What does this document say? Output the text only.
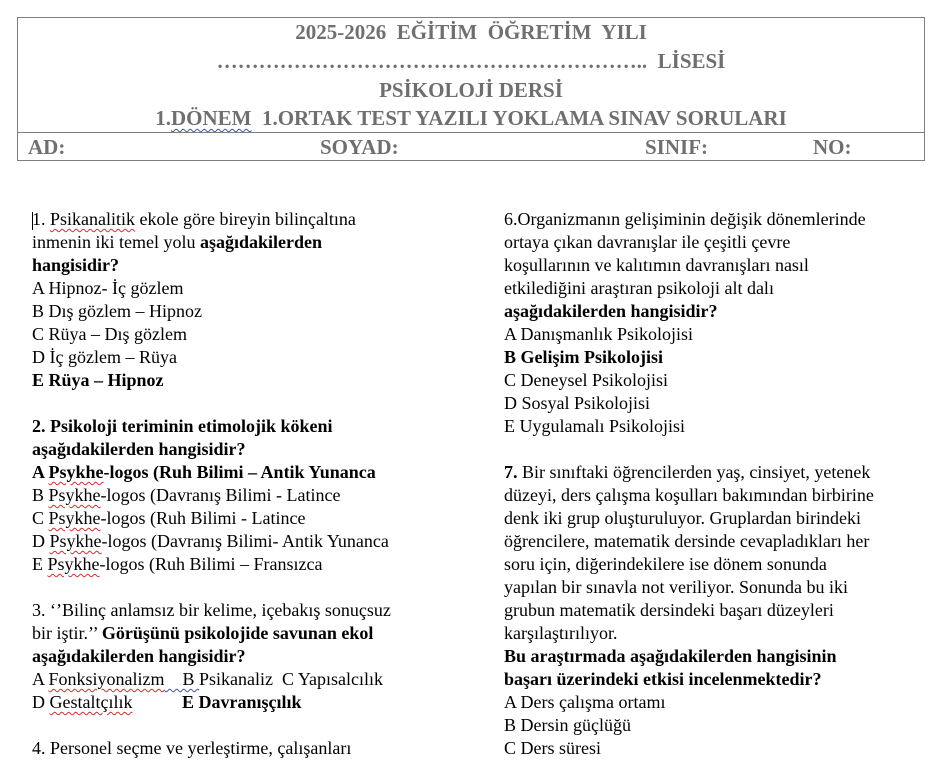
2025-2026  EĞİTİM  ÖĞRETİM  YILI
……………………………………………………..  LİSESİ
PSİKOLOJİ DERSİ
1.DÖNEM  1.ORTAK TEST YAZILI YOKLAMA SINAV SORULARI
AD:	SOYAD:	SINIF:	NO:
1. Psikanalitik ekole göre bireyin bilinçaltına
inmenin iki temel yolu aşağıdakilerden
hangisidir?
A Hipnoz- İç gözlem
B Dış gözlem – Hipnoz
C Rüya – Dış gözlem
D İç gözlem – Rüya
E Rüya – Hipnoz
2. Psikoloji teriminin etimolojik kökeni
aşağıdakilerden hangisidir?
A Psykhe-logos (Ruh Bilimi – Antik Yunanca
B Psykhe-logos (Davranış Bilimi - Latince
C Psykhe-logos (Ruh Bilimi - Latince
D Psykhe-logos (Davranış Bilimi- Antik Yunanca
E Psykhe-logos (Ruh Bilimi – Fransızca
3. ‘’Bilinç anlamsız bir kelime, içebakış sonuçsuz
bir iştir.’’ Görüşünü psikolojide savunan ekol
aşağıdakilerden hangisidir?
A Fonksiyonalizm    B Psikanaliz  C Yapısalcılık
D Gestaltçılık	E Davranışçılık
4. Personel seçme ve yerleştirme, çalışanları
6.Organizmanın gelişiminin değişik dönemlerinde
ortaya çıkan davranışlar ile çeşitli çevre
koşullarının ve kalıtımın davranışları nasıl
etkilediğini araştıran psikoloji alt dalı
aşağıdakilerden hangisidir?
A Danışmanlık Psikolojisi
B Gelişim Psikolojisi
C Deneysel Psikolojisi
D Sosyal Psikolojisi
E Uygulamalı Psikolojisi
7. Bir sınıftaki öğrencilerden yaş, cinsiyet, yetenek
düzeyi, ders çalışma koşulları bakımından birbirine
denk iki grup oluşturuluyor. Gruplardan birindeki
öğrencilere, matematik dersinde cevapladıkları her
soru için, diğerindekilere ise dönem sonunda
yapılan bir sınavla not veriliyor. Sonunda bu iki
grubun matematik dersindeki başarı düzeyleri
karşılaştırılıyor.
Bu araştırmada aşağıdakilerden hangisinin
başarı üzerindeki etkisi incelenmektedir?
A Ders çalışma ortamı
B Dersin güçlüğü
C Ders süresi
